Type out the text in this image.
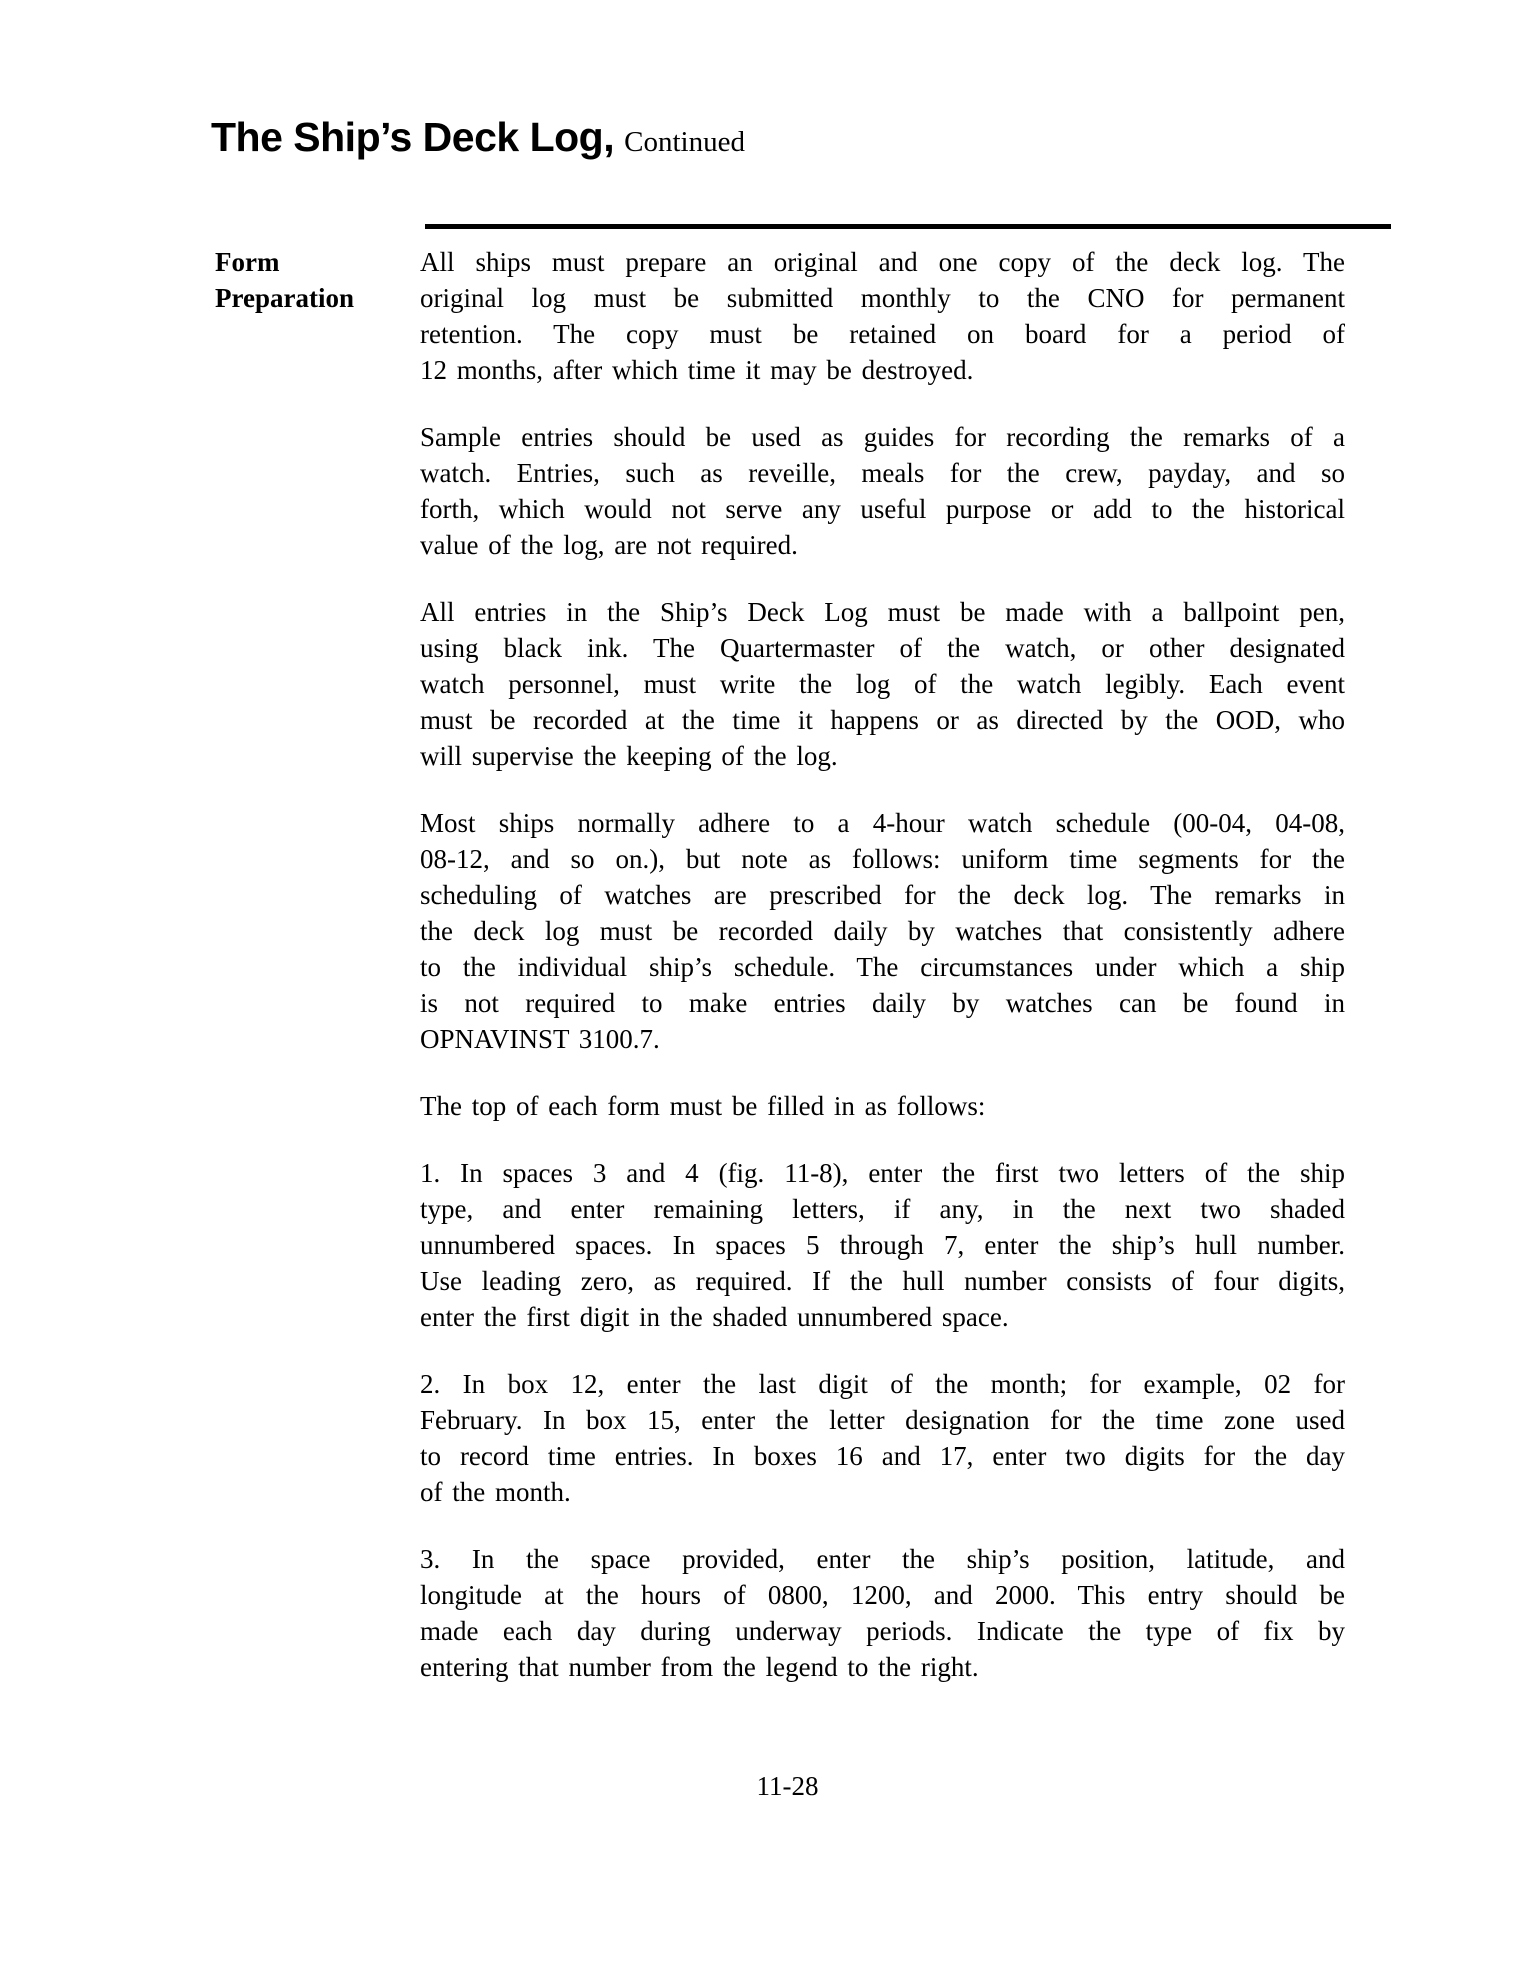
The Ship’s Deck Log, Continued
Form
Preparation
All ships must prepare an original and one copy of the deck log. The
original log must be submitted monthly to the CNO for permanent
retention. The copy must be retained on board for a period of
12 months, after which time it may be destroyed.
Sample entries should be used as guides for recording the remarks of a
watch. Entries, such as reveille, meals for the crew, payday, and so
forth, which would not serve any useful purpose or add to the historical
value of the log, are not required.
All entries in the Ship’s Deck Log must be made with a ballpoint pen,
using black ink. The Quartermaster of the watch, or other designated
watch personnel, must write the log of the watch legibly. Each event
must be recorded at the time it happens or as directed by the OOD, who
will supervise the keeping of the log.
Most ships normally adhere to a 4-hour watch schedule (00-04, 04-08,
08-12, and so on.), but note as follows: uniform time segments for the
scheduling of watches are prescribed for the deck log. The remarks in
the deck log must be recorded daily by watches that consistently adhere
to the individual ship’s schedule. The circumstances under which a ship
is not required to make entries daily by watches can be found in
OPNAVINST 3100.7.
The top of each form must be filled in as follows:
1. In spaces 3 and 4 (fig. 11-8), enter the first two letters of the ship
type, and enter remaining letters, if any, in the next two shaded
unnumbered spaces. In spaces 5 through 7, enter the ship’s hull number.
Use leading zero, as required. If the hull number consists of four digits,
enter the first digit in the shaded unnumbered space.
2. In box 12, enter the last digit of the month; for example, 02 for
February. In box 15, enter the letter designation for the time zone used
to record time entries. In boxes 16 and 17, enter two digits for the day
of the month.
3. In the space provided, enter the ship’s position, latitude, and
longitude at the hours of 0800, 1200, and 2000. This entry should be
made each day during underway periods. Indicate the type of fix by
entering that number from the legend to the right.
11-28
